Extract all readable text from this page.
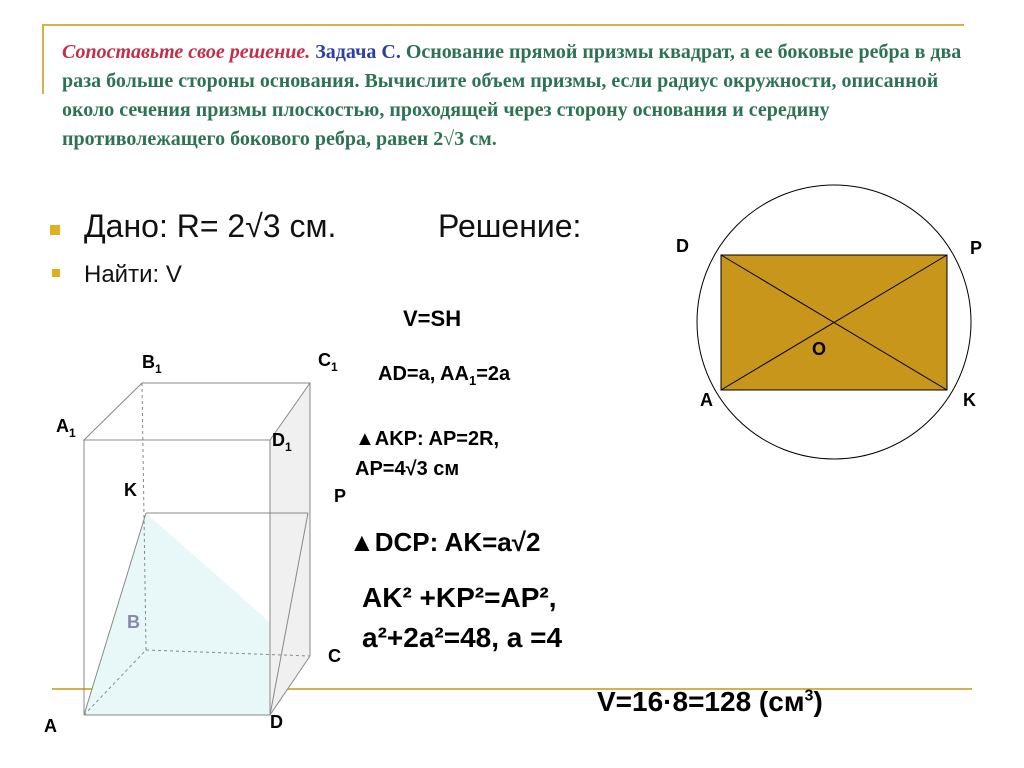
Сопоставьте свое решение. Задача С. Основание прямой призмы квадрат, а ее боковые ребра в два раза больше стороны основания. Вычислите объем призмы, если радиус окружности, описанной около сечения призмы плоскостью, проходящей через сторону основания и середину противолежащего бокового ребра, равен 2√3 см.
Дано: R= 2√3 см.	Решение:
Найти: V
V=SH
AD=a, $AA_1=2a$
▲AKP: AP=2R,
AP=4√3 см
▲DCP: AK=a√2
AK² +KP²=AP²,
a²+2a²=48, a =4
V=16·8=128 $(см^3)$
A
B
C
D
$A_1$
$B_1$	$C_1$
$D_1$
K	P
D	P
O
A	K
